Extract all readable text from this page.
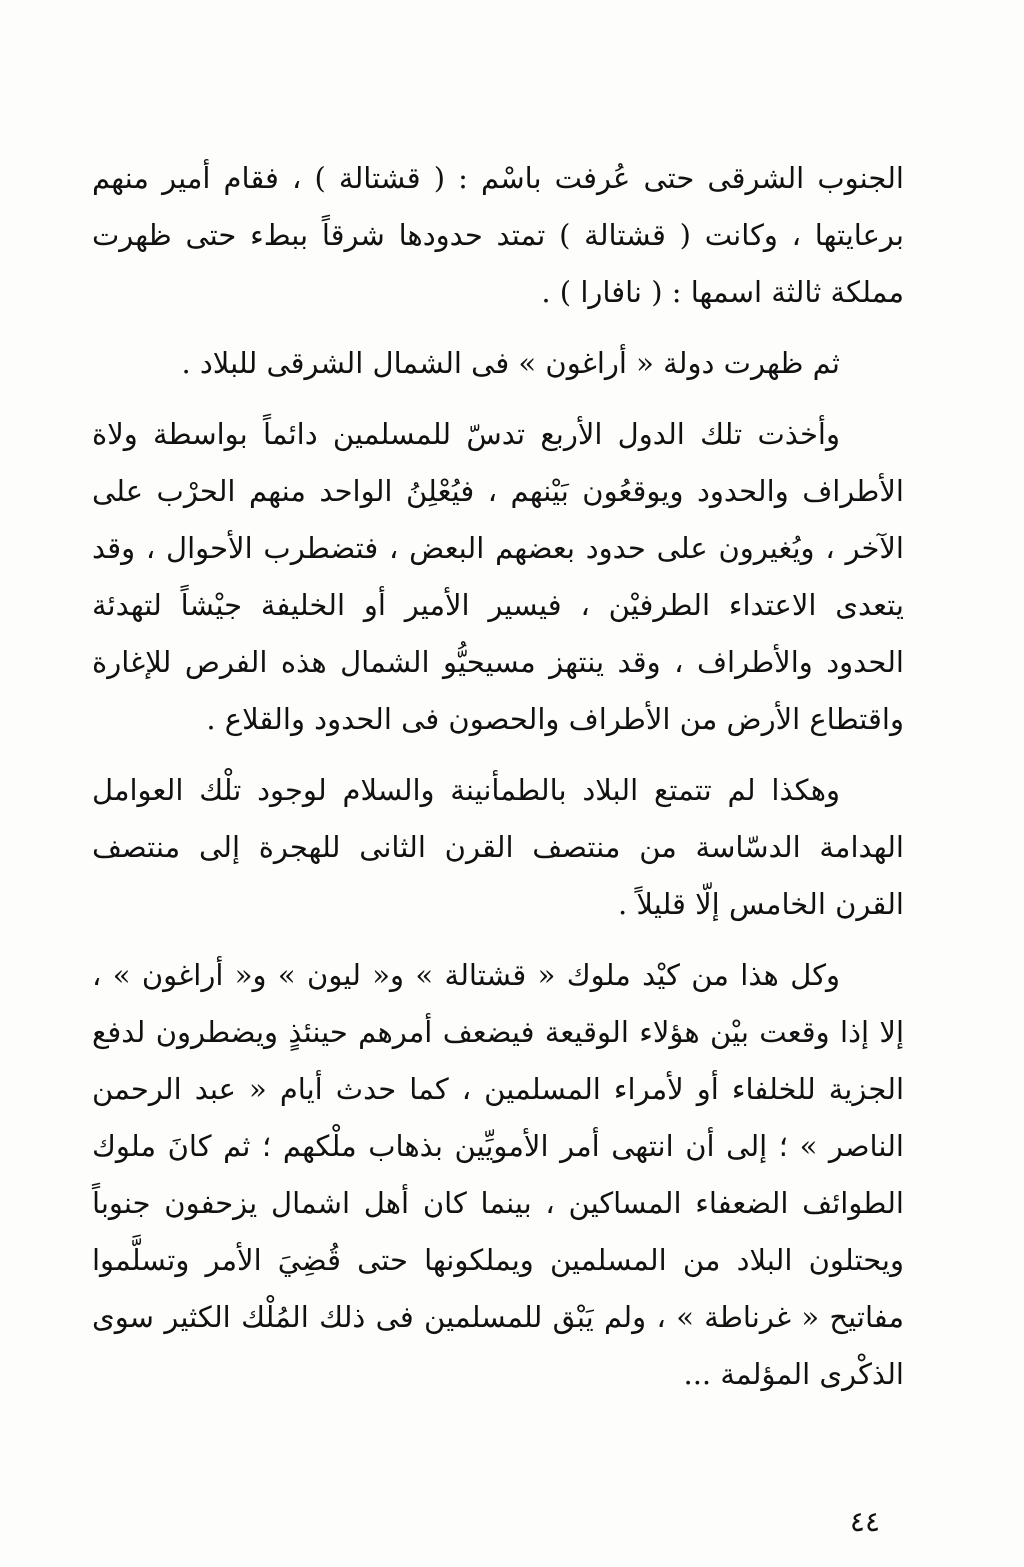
الجنوب الشرقى حتى عُرفت باسْم : ( قشتالة ) ، فقام أمير منهم برعايتها ، وكانت ( قشتالة ) تمتد حدودها شرقاً ببطء حتى ظهرت مملكة ثالثة اسمها : ( نافارا ) .

ثم ظهرت دولة « أراغون » فى الشمال الشرقى للبلاد .

وأخذت تلك الدول الأربع تدسّ للمسلمين دائماً بواسطة ولاة الأطراف والحدود ويوقعُون بَيْنهم ، فيُعْلِنُ الواحد منهم الحرْب على الآخر ، ويُغيرون على حدود بعضهم البعض ، فتضطرب الأحوال ، وقد يتعدى الاعتداء الطرفيْن ، فيسير الأمير أو الخليفة جيْشاً لتهدئة الحدود والأطراف ، وقد ينتهز مسيحيُّو الشمال هذه الفرص للإغارة واقتطاع الأرض من الأطراف والحصون فى الحدود والقلاع .

وهكذا لم تتمتع البلاد بالطمأنينة والسلام لوجود تلْك العوامل الهدامة الدسّاسة من منتصف القرن الثانى للهجرة إلى منتصف القرن الخامس إلّا قليلاً .

وكل هذا من كيْد ملوك « قشتالة » و« ليون » و« أراغون » ، إلا إذا وقعت بيْن هؤلاء الوقيعة فيضعف أمرهم حينئذٍ ويضطرون لدفع الجزية للخلفاء أو لأمراء المسلمين ، كما حدث أيام « عبد الرحمن الناصر » ؛ إلى أن انتهى أمر الأمويِّين بذهاب ملْكهم ؛ ثم كانَ ملوك الطوائف الضعفاء المساكين ، بينما كان أهل اشمال يزحفون جنوباً ويحتلون البلاد من المسلمين ويملكونها حتى قُضِيَ الأمر وتسلَّموا مفاتيح « غرناطة » ، ولم يَبْق للمسلمين فى ذلك المُلْك الكثير سوى الذكْرى المؤلمة ...

٤٤
